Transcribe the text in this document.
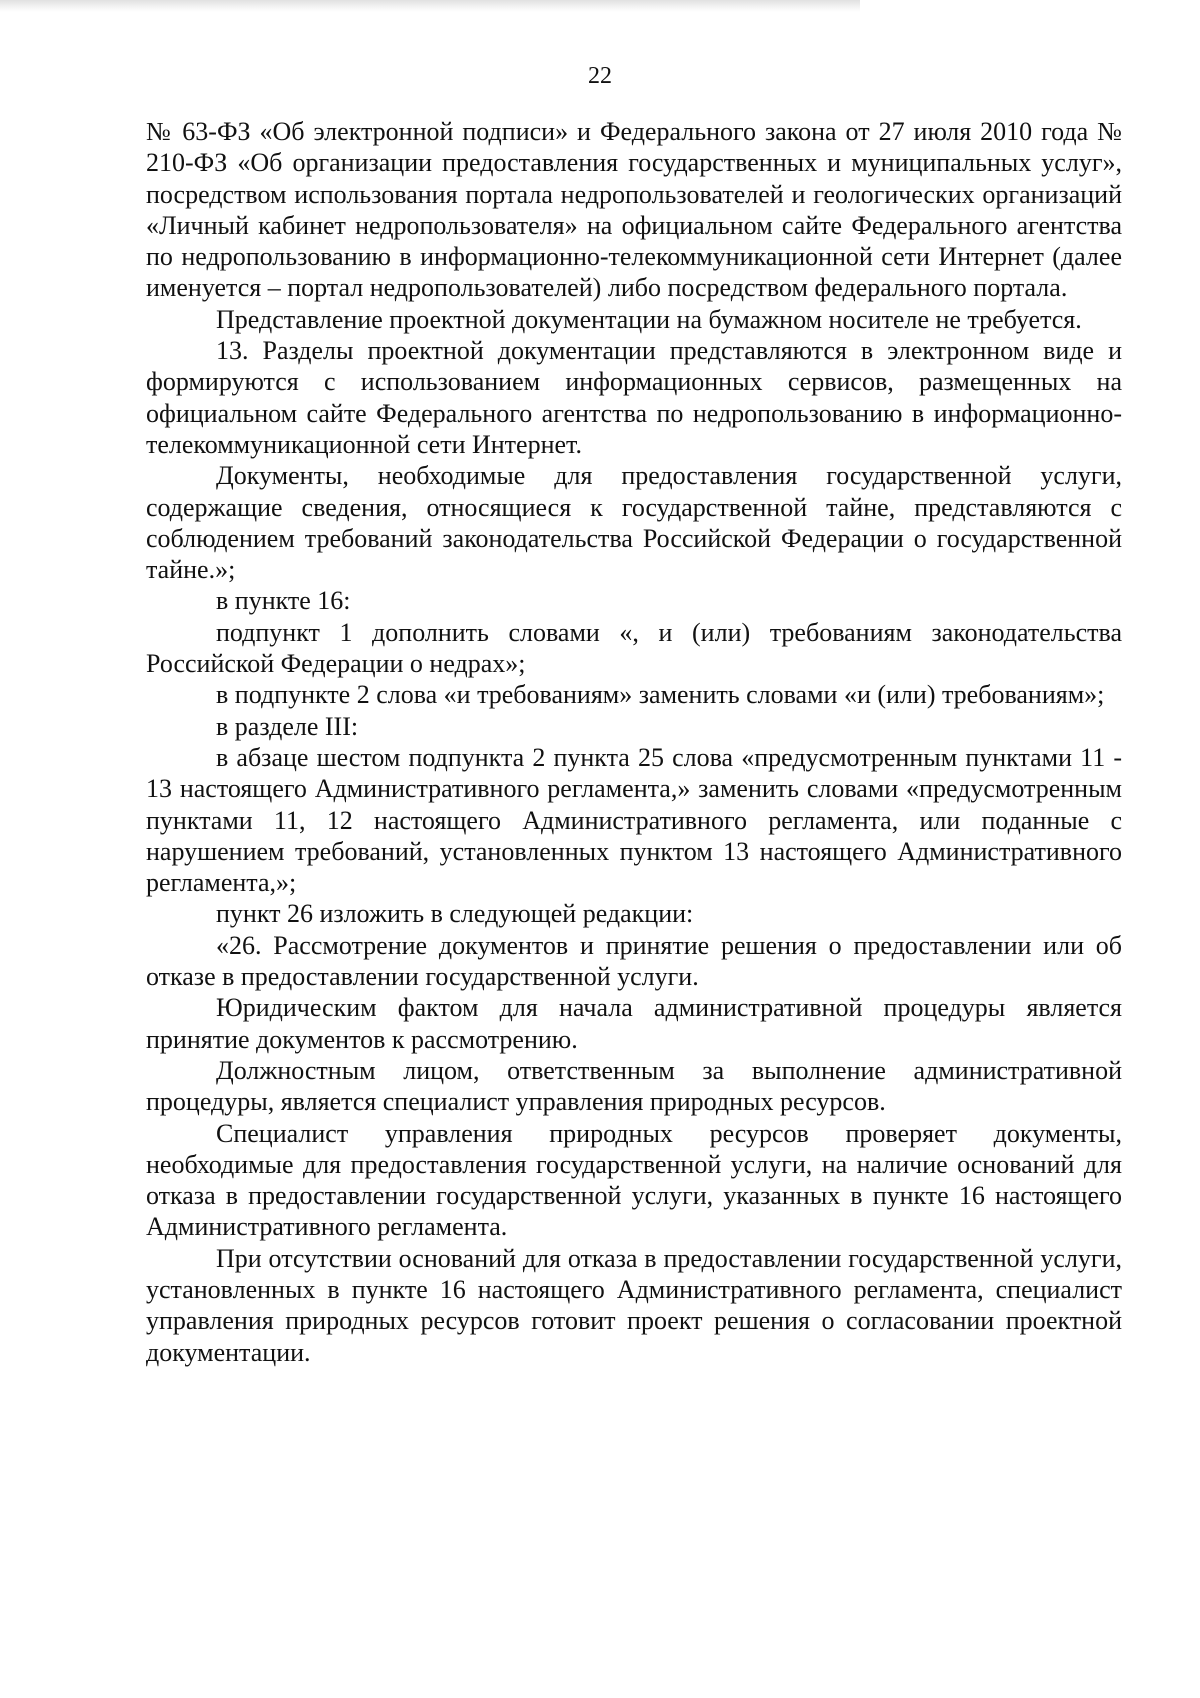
22

№ 63-ФЗ «Об электронной подписи» и Федерального закона от 27 июля 2010 года № 210-ФЗ «Об организации предоставления государственных и муниципальных услуг», посредством использования портала недропользователей и геологических организаций «Личный кабинет недропользователя» на официальном сайте Федерального агентства по недропользованию в информационно-телекоммуникационной сети Интернет (далее именуется – портал недропользователей) либо посредством федерального портала.

Представление проектной документации на бумажном носителе не требуется.

13. Разделы проектной документации представляются в электронном виде и формируются с использованием информационных сервисов, размещенных на официальном сайте Федерального агентства по недропользованию в информационно-телекоммуникационной сети Интернет.

Документы, необходимые для предоставления государственной услуги, содержащие сведения, относящиеся к государственной тайне, представляются с соблюдением требований законодательства Российской Федерации о государственной тайне.»;

в пункте 16:

подпункт 1 дополнить словами «, и (или) требованиям законодательства Российской Федерации о недрах»;

в подпункте 2 слова «и требованиям» заменить словами «и (или) требованиям»;

в разделе III:

в абзаце шестом подпункта 2 пункта 25 слова «предусмотренным пунктами 11 - 13 настоящего Административного регламента,» заменить словами «предусмотренным пунктами 11, 12 настоящего Административного регламента, или поданные с нарушением требований, установленных пунктом 13 настоящего Административного регламента,»;

пункт 26 изложить в следующей редакции:

«26. Рассмотрение документов и принятие решения о предоставлении или об отказе в предоставлении государственной услуги.

Юридическим фактом для начала административной процедуры является принятие документов к рассмотрению.

Должностным лицом, ответственным за выполнение административной процедуры, является специалист управления природных ресурсов.

Специалист управления природных ресурсов проверяет документы, необходимые для предоставления государственной услуги, на наличие оснований для отказа в предоставлении государственной услуги, указанных в пункте 16 настоящего Административного регламента.

При отсутствии оснований для отказа в предоставлении государственной услуги, установленных в пункте 16 настоящего Административного регламента, специалист управления природных ресурсов готовит проект решения о согласовании проектной документации.
